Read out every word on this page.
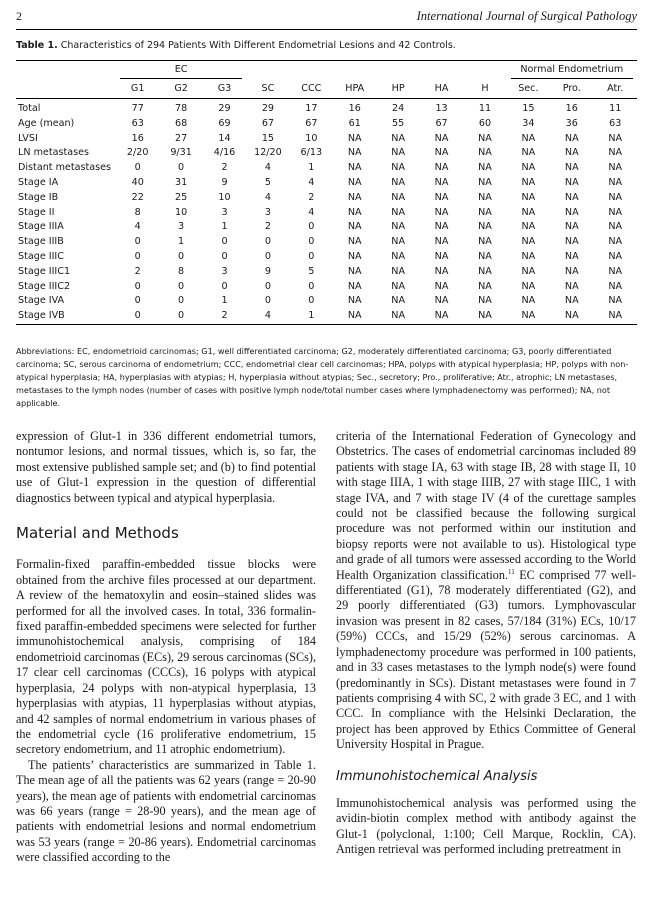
2	International Journal of Surgical Pathology
Table 1. Characteristics of 294 Patients With Different Endometrial Lesions and 42 Controls.

	EC									Normal Endometrium		

	G1	G2	G3	SC	CCC	HPA	HP	HA	H	Sec.	Pro.	Atr.
Total	77	78	29	29	17	16	24	13	11	15	16	11
Age (mean)	63	68	69	67	67	61	55	67	60	34	36	63
LVSI	16	27	14	15	10	NA	NA	NA	NA	NA	NA	NA
LN metastases	2/20	9/31	4/16	12/20	6/13	NA	NA	NA	NA	NA	NA	NA
Distant metastases	0	0	2	4	1	NA	NA	NA	NA	NA	NA	NA
Stage IA	40	31	9	5	4	NA	NA	NA	NA	NA	NA	NA
Stage IB	22	25	10	4	2	NA	NA	NA	NA	NA	NA	NA
Stage II	8	10	3	3	4	NA	NA	NA	NA	NA	NA	NA
Stage IIIA	4	3	1	2	0	NA	NA	NA	NA	NA	NA	NA
Stage IIIB	0	1	0	0	0	NA	NA	NA	NA	NA	NA	NA
Stage IIIC	0	0	0	0	0	NA	NA	NA	NA	NA	NA	NA
Stage IIIC1	2	8	3	9	5	NA	NA	NA	NA	NA	NA	NA
Stage IIIC2	0	0	0	0	0	NA	NA	NA	NA	NA	NA	NA
Stage IVA	0	0	1	0	0	NA	NA	NA	NA	NA	NA	NA
Stage IVB	0	0	2	4	1	NA	NA	NA	NA	NA	NA	NA
Abbreviations: EC, endometrioid carcinomas; G1, well differentiated carcinoma; G2, moderately differentiated carcinoma; G3, poorly differentiated carcinoma; SC, serous carcinoma of endometrium; CCC, endometrial clear cell carcinomas; HPA, polyps with atypical hyperplasia; HP, polyps with non-atypical hyperplasia; HA, hyperplasias with atypias; H, hyperplasia without atypias; Sec., secretory; Pro., proliferative; Atr., atrophic; LN metastases, metastases to the lymph nodes (number of cases with positive lymph node/total number cases where lymphadenectomy was performed); NA, not applicable.

expression of Glut-1 in 336 different endometrial tumors, nontumor lesions, and normal tissues, which is, so far, the most extensive published sample set; and (b) to find potential use of Glut-1 expression in the question of differential diagnostics between typical and atypical hyperplasia.

Material and Methods

Formalin-fixed paraffin-embedded tissue blocks were obtained from the archive files processed at our department. A review of the hematoxylin and eosin–stained slides was performed for all the involved cases. In total, 336 formalin-fixed paraffin-embedded specimens were selected for further immunohistochemical analysis, comprising of 184 endometrioid carcinomas (ECs), 29 serous carcinomas (SCs), 17 clear cell carcinomas (CCCs), 16 polyps with atypical hyperplasia, 24 polyps with non-atypical hyperplasia, 13 hyperplasias with atypias, 11 hyperplasias without atypias, and 42 samples of normal endometrium in various phases of the endometrial cycle (16 proliferative endometrium, 15 secretory endometrium, and 11 atrophic endometrium).

The patients’ characteristics are summarized in Table 1. The mean age of all the patients was 62 years (range = 20-90 years), the mean age of patients with endometrial carcinomas was 66 years (range = 28-90 years), and the mean age of patients with endometrial lesions and normal endometrium was 53 years (range = 20-86 years). Endometrial carcinomas were classified according to the

criteria of the International Federation of Gynecology and Obstetrics. The cases of endometrial carcinomas included 89 patients with stage IA, 63 with stage IB, 28 with stage II, 10 with stage IIIA, 1 with stage IIIB, 27 with stage IIIC, 1 with stage IVA, and 7 with stage IV (4 of the curettage samples could not be classified because the following surgical procedure was not performed within our institution and biopsy reports were not available to us). Histological type and grade of all tumors were assessed according to the World Health Organization classification.$^{11}$ EC comprised 77 well-differentiated (G1), 78 moderately differentiated (G2), and 29 poorly differentiated (G3) tumors. Lymphovascular invasion was present in 82 cases, 57/184 (31%) ECs, 10/17 (59%) CCCs, and 15/29 (52%) serous carcinomas. A lymphadenectomy procedure was performed in 100 patients, and in 33 cases metastases to the lymph node(s) were found (predominantly in SCs). Distant metastases were found in 7 patients comprising 4 with SC, 2 with grade 3 EC, and 1 with CCC. In compliance with the Helsinki Declaration, the project has been approved by Ethics Committee of General University Hospital in Prague.

Immunohistochemical Analysis

Immunohistochemical analysis was performed using the avidin-biotin complex method with antibody against the Glut-1 (polyclonal, 1:100; Cell Marque, Rocklin, CA). Antigen retrieval was performed including pretreatment in
